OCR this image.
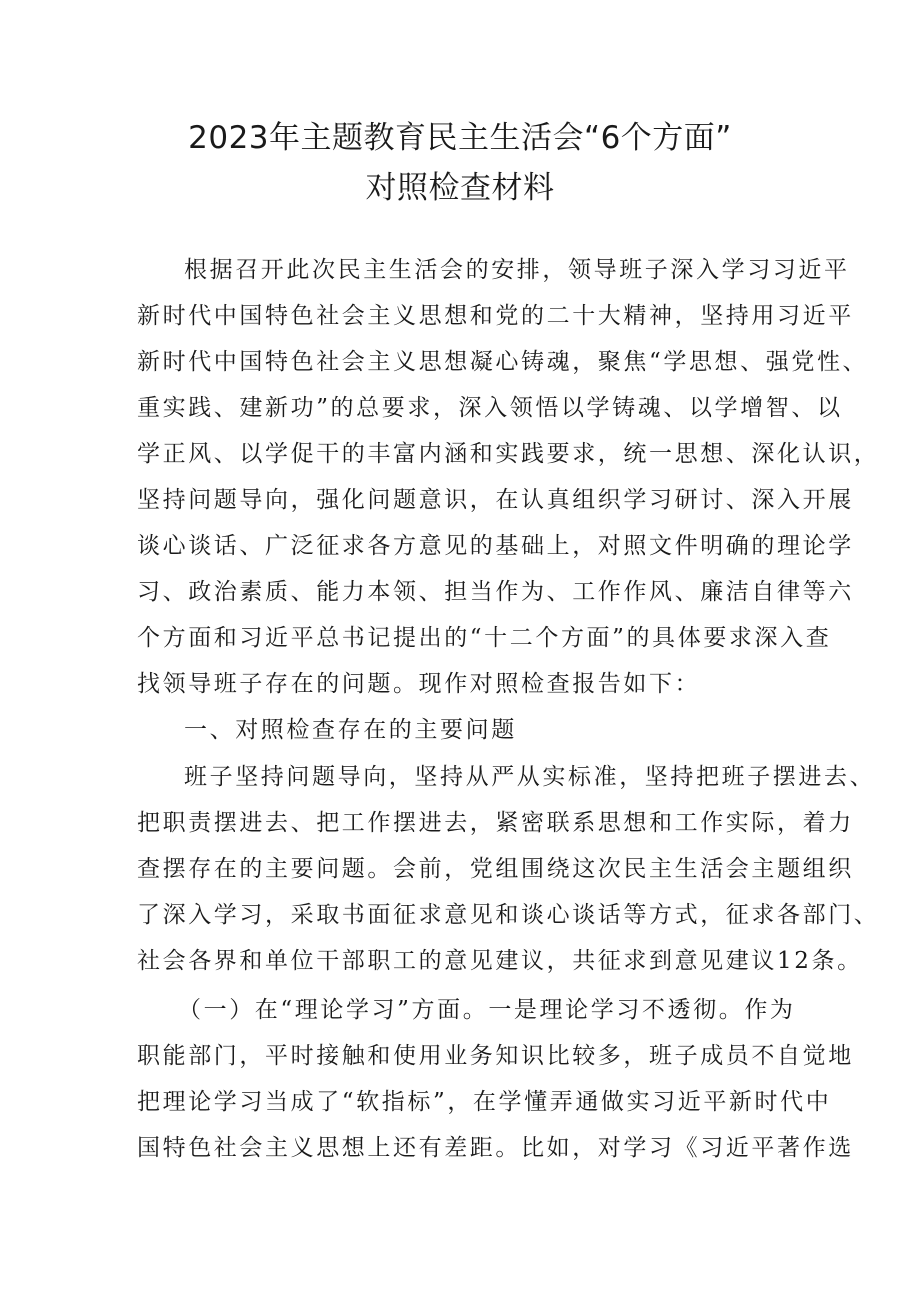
2023年主题教育民主生活会“6个方面”
对照检查材料
根据召开此次民主生活会的安排，领导班子深入学习习近平
新时代中国特色社会主义思想和党的二十大精神，坚持用习近平
新时代中国特色社会主义思想凝心铸魂，聚焦“学思想、强党性、
重实践、建新功”的总要求，深入领悟以学铸魂、以学增智、以
学正风、以学促干的丰富内涵和实践要求，统一思想、深化认识，
坚持问题导向，强化问题意识，在认真组织学习研讨、深入开展
谈心谈话、广泛征求各方意见的基础上，对照文件明确的理论学
习、政治素质、能力本领、担当作为、工作作风、廉洁自律等六
个方面和习近平总书记提出的“十二个方面”的具体要求深入查
找领导班子存在的问题。现作对照检查报告如下：
一、对照检查存在的主要问题
班子坚持问题导向，坚持从严从实标准，坚持把班子摆进去、
把职责摆进去、把工作摆进去，紧密联系思想和工作实际，着力
查摆存在的主要问题。会前，党组围绕这次民主生活会主题组织
了深入学习，采取书面征求意见和谈心谈话等方式，征求各部门、
社会各界和单位干部职工的意见建议，共征求到意见建议12条。
（一）在“理论学习”方面。一是理论学习不透彻。作为
职能部门，平时接触和使用业务知识比较多，班子成员不自觉地
把理论学习当成了“软指标”，在学懂弄通做实习近平新时代中
国特色社会主义思想上还有差距。比如，对学习《习近平著作选
